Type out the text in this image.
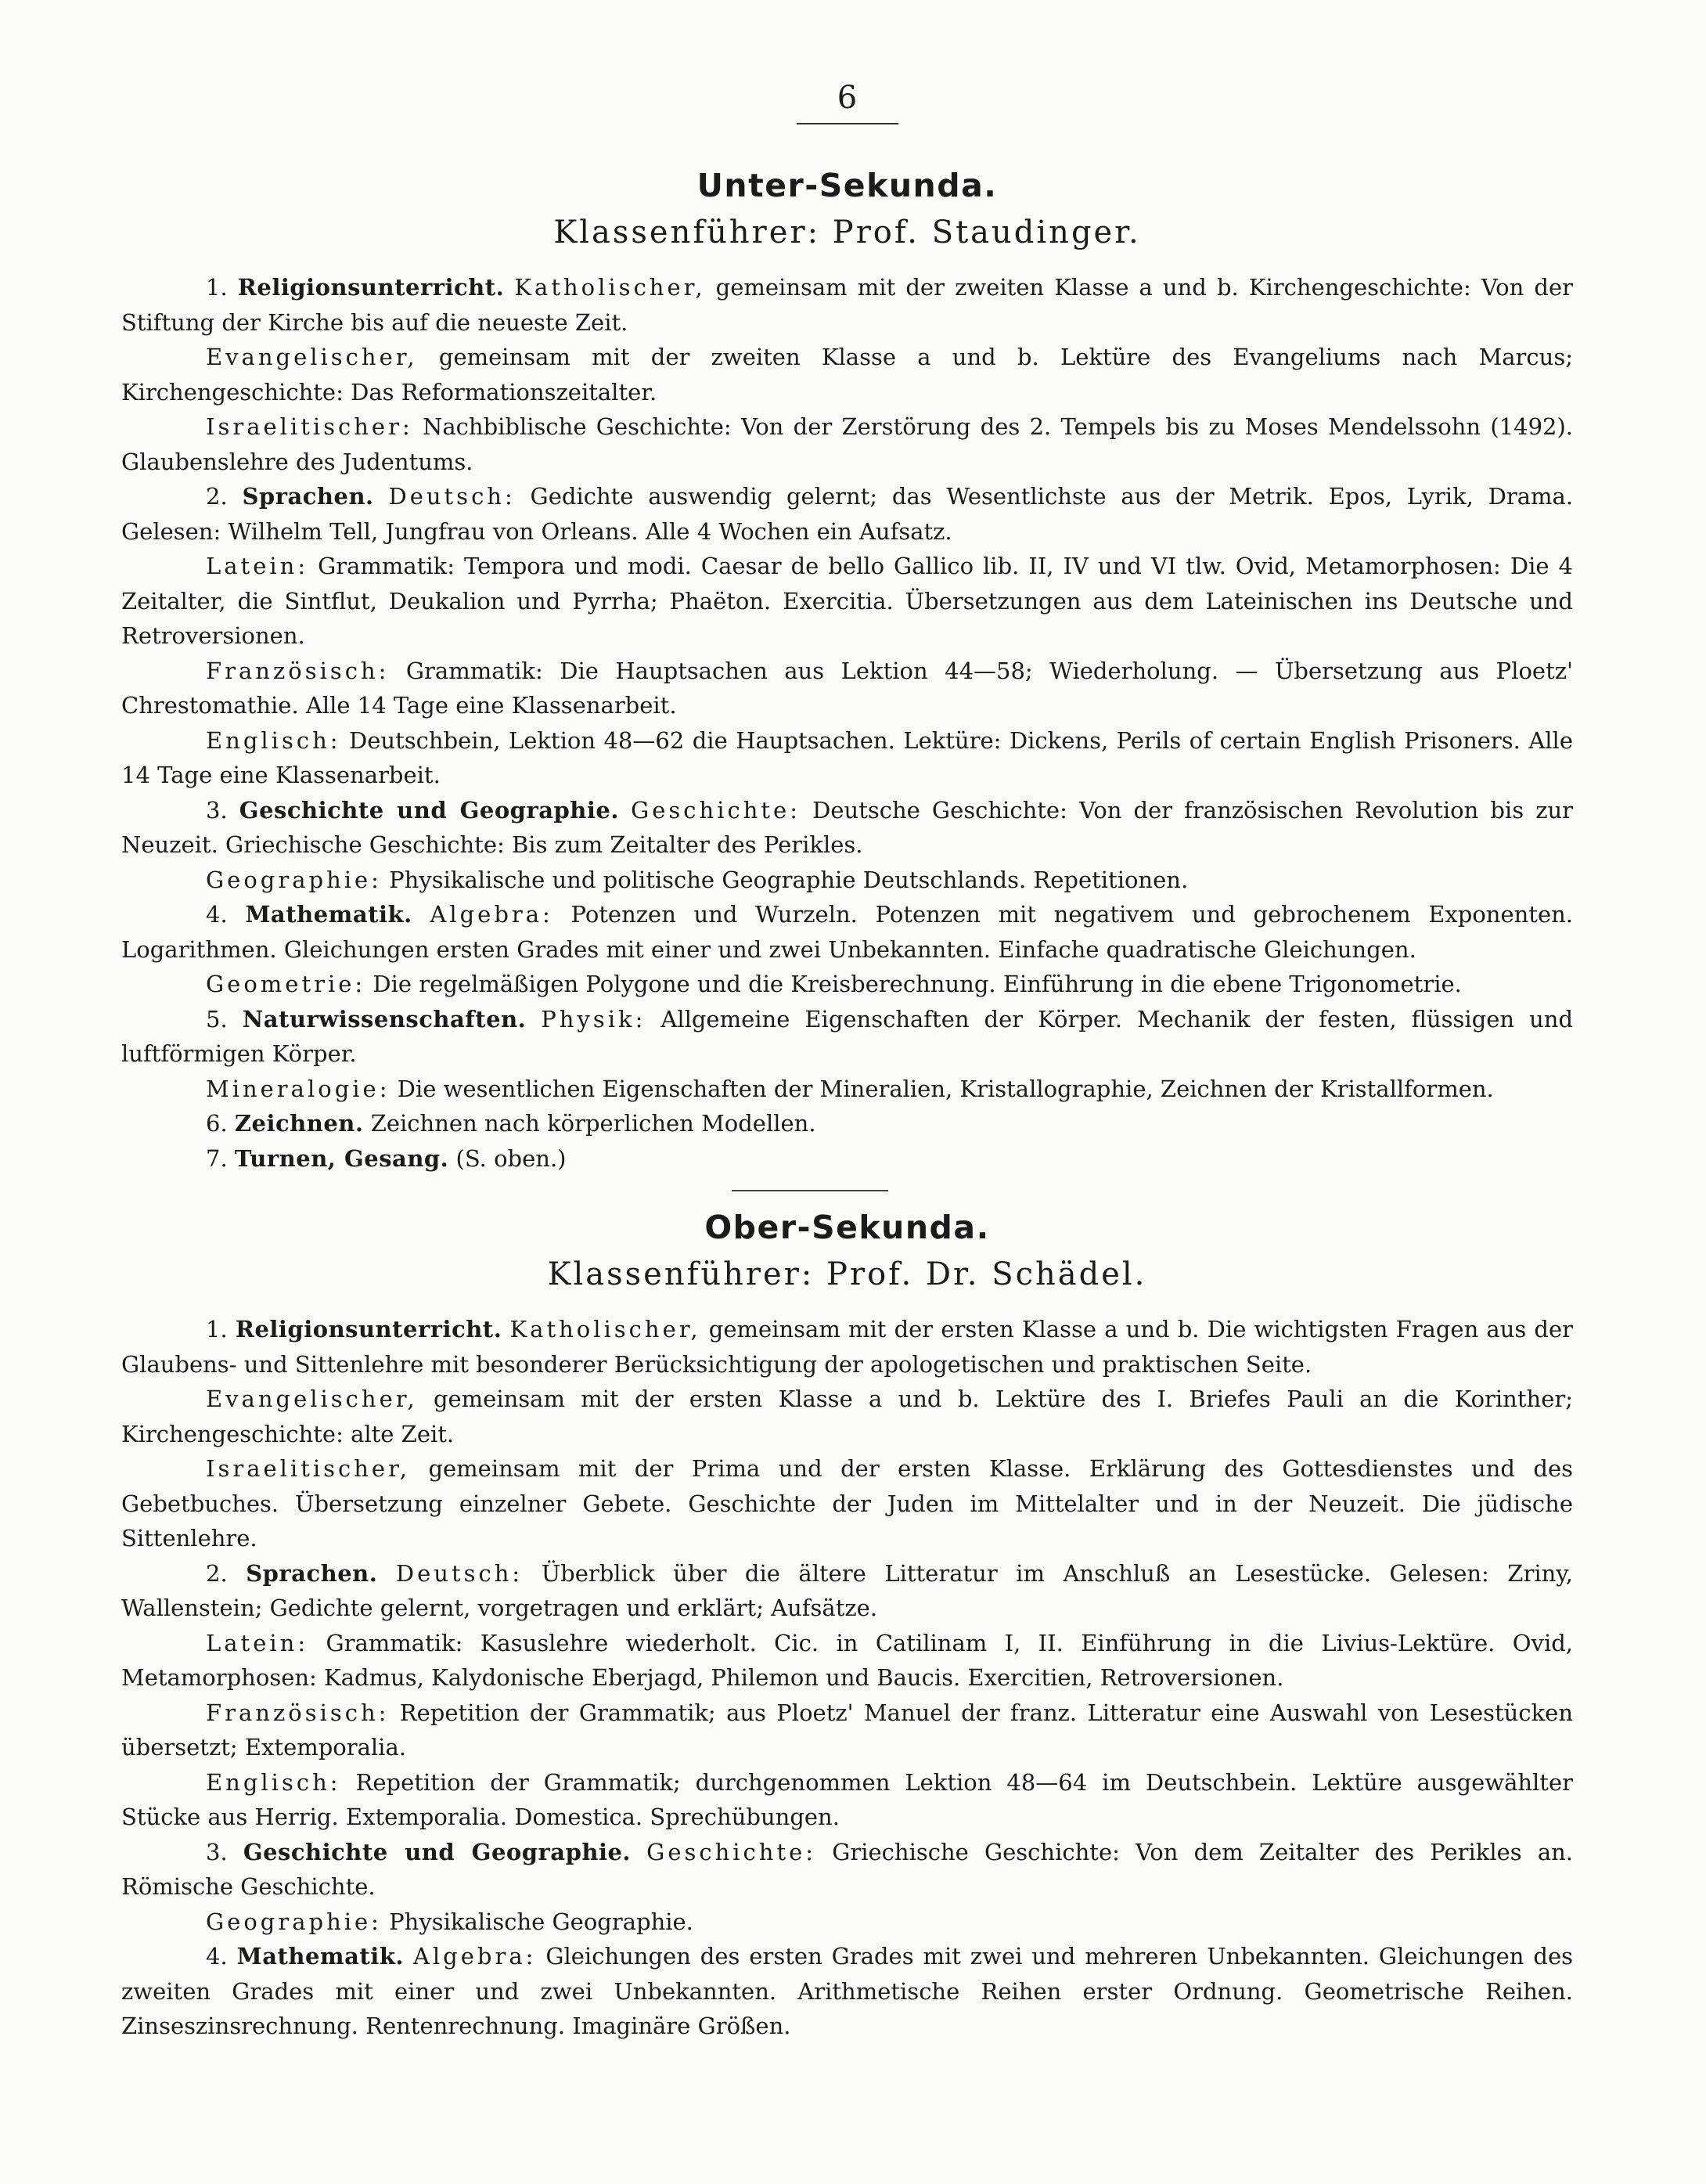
6

Unter-Sekunda.

Klassenführer: Prof. Staudinger.

1. Religionsunterricht. Katholischer, gemeinsam mit der zweiten Klasse a und b. Kirchengeschichte: Von der Stiftung der Kirche bis auf die neueste Zeit.

Evangelischer, gemeinsam mit der zweiten Klasse a und b. Lektüre des Evangeliums nach Marcus; Kirchengeschichte: Das Reformationszeitalter.

Israelitischer: Nachbiblische Geschichte: Von der Zerstörung des 2. Tempels bis zu Moses Mendelssohn (1492). Glaubenslehre des Judentums.

2. Sprachen. Deutsch: Gedichte auswendig gelernt; das Wesentlichste aus der Metrik. Epos, Lyrik, Drama. Gelesen: Wilhelm Tell, Jungfrau von Orleans. Alle 4 Wochen ein Aufsatz.

Latein: Grammatik: Tempora und modi. Caesar de bello Gallico lib. II, IV und VI tlw. Ovid, Metamorphosen: Die 4 Zeitalter, die Sintflut, Deukalion und Pyrrha; Phaëton. Exercitia. Übersetzungen aus dem Lateinischen ins Deutsche und Retroversionen.

Französisch: Grammatik: Die Hauptsachen aus Lektion 44—58; Wiederholung. — Übersetzung aus Ploetz' Chrestomathie. Alle 14 Tage eine Klassenarbeit.

Englisch: Deutschbein, Lektion 48—62 die Hauptsachen. Lektüre: Dickens, Perils of certain English Prisoners. Alle 14 Tage eine Klassenarbeit.

3. Geschichte und Geographie. Geschichte: Deutsche Geschichte: Von der französischen Revolution bis zur Neuzeit. Griechische Geschichte: Bis zum Zeitalter des Perikles.

Geographie: Physikalische und politische Geographie Deutschlands. Repetitionen.

4. Mathematik. Algebra: Potenzen und Wurzeln. Potenzen mit negativem und gebrochenem Exponenten. Logarithmen. Gleichungen ersten Grades mit einer und zwei Unbekannten. Einfache quadratische Gleichungen.

Geometrie: Die regelmäßigen Polygone und die Kreisberechnung. Einführung in die ebene Trigonometrie.

5. Naturwissenschaften. Physik: Allgemeine Eigenschaften der Körper. Mechanik der festen, flüssigen und luftförmigen Körper.

Mineralogie: Die wesentlichen Eigenschaften der Mineralien, Kristallographie, Zeichnen der Kristallformen.

6. Zeichnen. Zeichnen nach körperlichen Modellen.

7. Turnen, Gesang. (S. oben.)

Ober-Sekunda.

Klassenführer: Prof. Dr. Schädel.

1. Religionsunterricht. Katholischer, gemeinsam mit der ersten Klasse a und b. Die wichtigsten Fragen aus der Glaubens- und Sittenlehre mit besonderer Berücksichtigung der apologetischen und praktischen Seite.

Evangelischer, gemeinsam mit der ersten Klasse a und b. Lektüre des I. Briefes Pauli an die Korinther; Kirchengeschichte: alte Zeit.

Israelitischer, gemeinsam mit der Prima und der ersten Klasse. Erklärung des Gottesdienstes und des Gebetbuches. Übersetzung einzelner Gebete. Geschichte der Juden im Mittelalter und in der Neuzeit. Die jüdische Sittenlehre.

2. Sprachen. Deutsch: Überblick über die ältere Litteratur im Anschluß an Lesestücke. Gelesen: Zriny, Wallenstein; Gedichte gelernt, vorgetragen und erklärt; Aufsätze.

Latein: Grammatik: Kasuslehre wiederholt. Cic. in Catilinam I, II. Einführung in die Livius-Lektüre. Ovid, Metamorphosen: Kadmus, Kalydonische Eberjagd, Philemon und Baucis. Exercitien, Retroversionen.

Französisch: Repetition der Grammatik; aus Ploetz' Manuel der franz. Litteratur eine Auswahl von Lesestücken übersetzt; Extemporalia.

Englisch: Repetition der Grammatik; durchgenommen Lektion 48—64 im Deutschbein. Lektüre ausgewählter Stücke aus Herrig. Extemporalia. Domestica. Sprechübungen.

3. Geschichte und Geographie. Geschichte: Griechische Geschichte: Von dem Zeitalter des Perikles an. Römische Geschichte.

Geographie: Physikalische Geographie.

4. Mathematik. Algebra: Gleichungen des ersten Grades mit zwei und mehreren Unbekannten. Gleichungen des zweiten Grades mit einer und zwei Unbekannten. Arithmetische Reihen erster Ordnung. Geometrische Reihen. Zinseszinsrechnung. Rentenrechnung. Imaginäre Größen.
